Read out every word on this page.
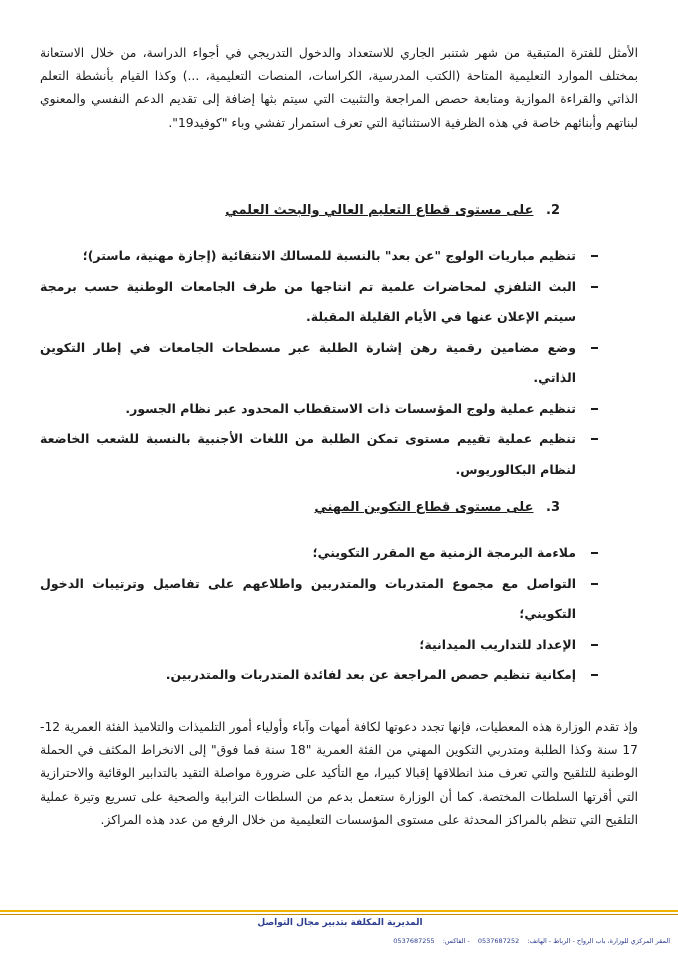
الأمثل للفترة المتبقية من شهر شتنبر الجاري للاستعداد والدخول التدريجي في أجواء الدراسة، من خلال الاستعانة بمختلف الموارد التعليمية المتاحة (الكتب المدرسية، الكراسات، المنصات التعليمية، ...) وكذا القيام بأنشطة التعلم الذاتي والقراءة الموازية ومتابعة حصص المراجعة والتثبيت التي سيتم بثها إضافة إلى تقديم الدعم النفسي والمعنوي لبناتهم وأبنائهم خاصة في هذه الظرفية الاستثنائية التي تعرف استمرار تفشي وباء "كوفيد19".

2. على مستوى قطاع التعليم العالي والبحث العلمي
تنظيم مباريات الولوج "عن بعد" بالنسبة للمسالك الانتقائية (إجازة مهنية، ماستر)؛
البث التلفزي لمحاضرات علمية تم انتاجها من طرف الجامعات الوطنية حسب برمجة سيتم الإعلان عنها في الأيام القليلة المقبلة.
وضع مضامين رقمية رهن إشارة الطلبة عبر مسطحات الجامعات في إطار التكوين الذاتي.
تنظيم عملية ولوج المؤسسات ذات الاستقطاب المحدود عبر نظام الجسور.
تنظيم عملية تقييم مستوى تمكن الطلبة من اللغات الأجنبية بالنسبة للشعب الخاضعة لنظام البكالوريوس.
3. على مستوى قطاع التكوين المهني
ملاءمة البرمجة الزمنية مع المقرر التكويني؛
التواصل مع مجموع المتدربات والمتدربين واطلاعهم على تفاصيل وترتيبات الدخول التكويني؛
الإعداد للتداريب الميدانية؛
إمكانية تنظيم حصص المراجعة عن بعد لفائدة المتدربات والمتدربين.

وإذ تقدم الوزارة هذه المعطيات، فإنها تجدد دعوتها لكافة أمهات وآباء وأولياء أمور التلميذات والتلاميذ الفئة العمرية 12-17 سنة وكذا الطلبة ومتدربي التكوين المهني من الفئة العمرية "18 سنة فما فوق" إلى الانخراط المكثف في الحملة الوطنية للتلقيح والتي تعرف منذ انطلاقها إقبالا كبيرا، مع التأكيد على ضرورة مواصلة التقيد بالتدابير الوقائية والاحترازية التي أقرتها السلطات المختصة. كما أن الوزارة ستعمل بدعم من السلطات الترابية والصحية على تسريع وتيرة عملية التلقيح التي تنظم بالمراكز المحدثة على مستوى المؤسسات التعليمية من خلال الرفع من عدد هذه المراكز.

المديرية المكلفة بتدبير مجال التواصل
المقر المركزي للوزارة، باب الرواح - الرباط - الهاتف: 0537687252 - الفاكس: 0537687255
